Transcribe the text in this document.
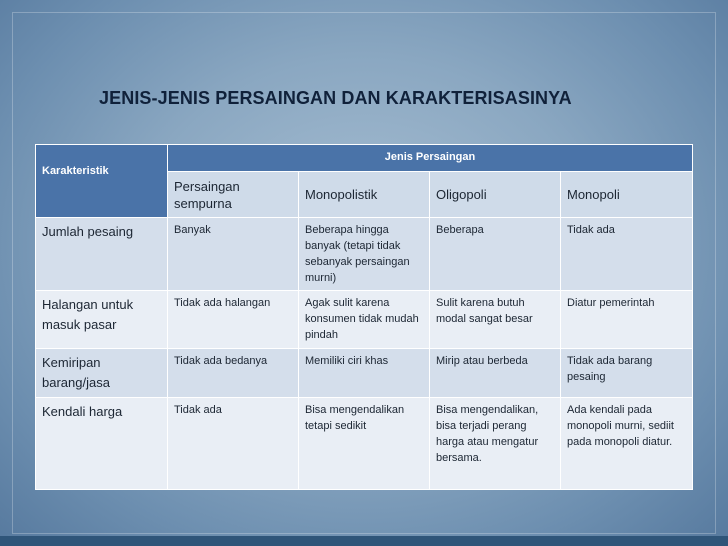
JENIS-JENIS PERSAINGAN DAN KARAKTERISASINYA
Karakteristik	Jenis Persaingan			
	Persaingan sempurna	Monopolistik	Oligopoli	Monopoli
Jumlah pesaing	Banyak	Beberapa hingga banyak (tetapi tidak sebanyak persaingan murni)	Beberapa	Tidak ada
Halangan untuk masuk pasar	Tidak ada halangan	Agak sulit karena konsumen tidak mudah pindah	Sulit karena butuh modal sangat besar	Diatur pemerintah
Kemiripan barang/jasa	Tidak ada bedanya	Memiliki ciri khas	Mirip atau berbeda	Tidak ada barang pesaing
Kendali harga	Tidak ada	Bisa mengendalikan tetapi sedikit	Bisa mengendalikan, bisa terjadi perang harga atau mengatur bersama.	Ada kendali pada monopoli murni, sediit pada monopoli diatur.
